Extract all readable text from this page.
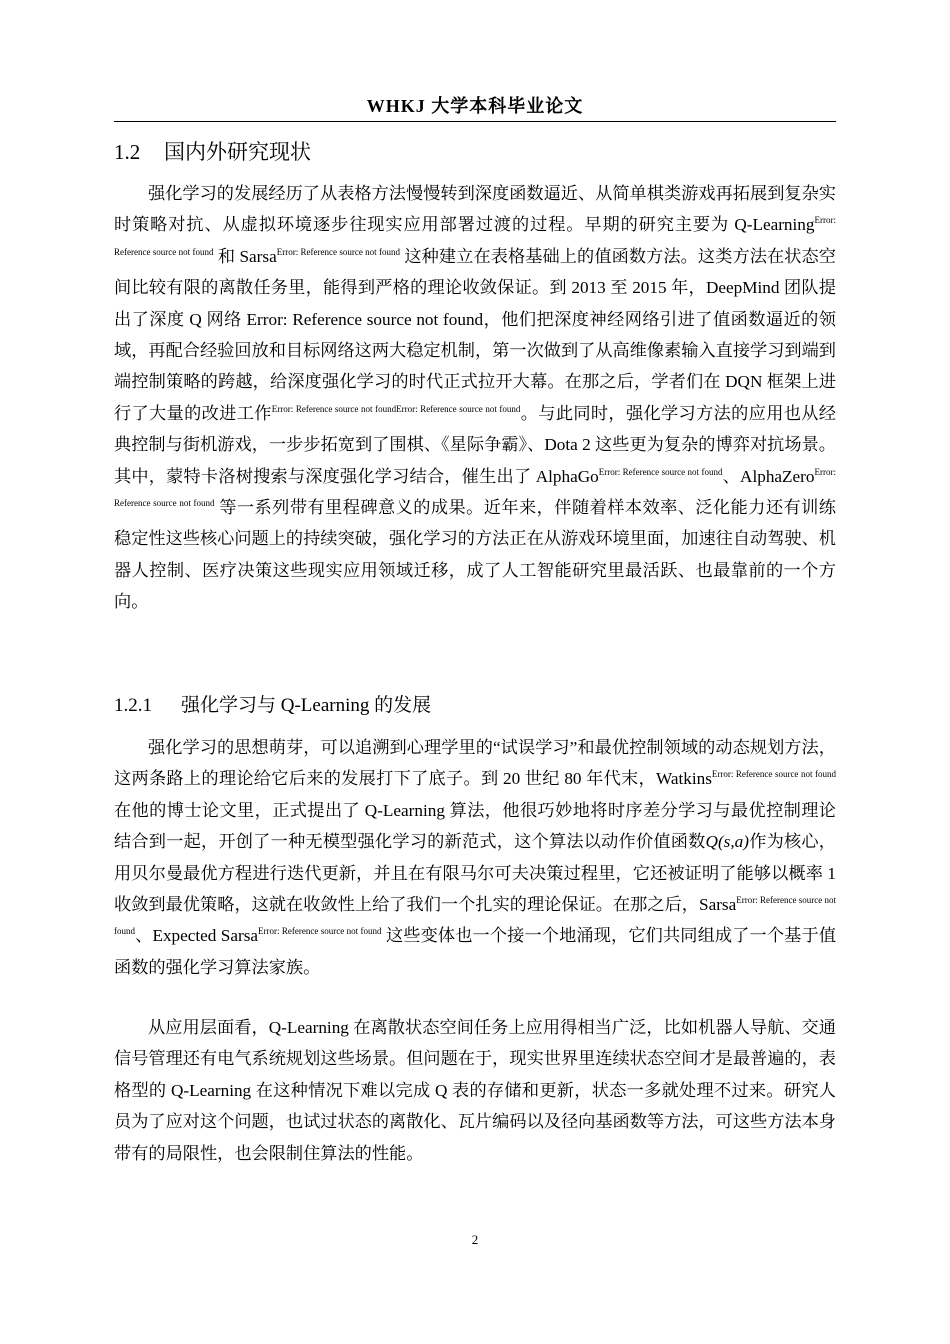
WHKJ 大学本科毕业论文
1.2 国内外研究现状

强化学习的发展经历了从表格方法慢慢转到深度函数逼近、从简单棋类游戏再拓展到复杂实时策略对抗、从虚拟环境逐步往现实应用部署过渡的过程。早期的研究主要为 Q-Learning$^{Error: Reference source not found}$ 和 Sarsa$^{Error: Reference source not found}$ 这种建立在表格基础上的值函数方法。这类方法在状态空间比较有限的离散任务里，能得到严格的理论收敛保证。到 2013 至 2015 年，DeepMind 团队提出了深度 Q 网络 Error: Reference source not found，他们把深度神经网络引进了值函数逼近的领域，再配合经验回放和目标网络这两大稳定机制，第一次做到了从高维像素输入直接学习到端到端控制策略的跨越，给深度强化学习的时代正式拉开大幕。在那之后，学者们在 DQN 框架上进行了大量的改进工作$^{Error: Reference source not foundError: Reference source not found}$。与此同时，强化学习方法的应用也从经典控制与街机游戏，一步步拓宽到了围棋、《星际争霸》、Dota 2 这些更为复杂的博弈对抗场景。其中，蒙特卡洛树搜索与深度强化学习结合，催生出了 AlphaGo$^{Error: Reference source not found}$、AlphaZero$^{Error: Reference source not found}$ 等一系列带有里程碑意义的成果。近年来，伴随着样本效率、泛化能力还有训练稳定性这些核心问题上的持续突破，强化学习的方法正在从游戏环境里面，加速往自动驾驶、机器人控制、医疗决策这些现实应用领域迁移，成了人工智能研究里最活跃、也最靠前的一个方向。

1.2.1 强化学习与 Q-Learning 的发展

强化学习的思想萌芽，可以追溯到心理学里的“试误学习”和最优控制领域的动态规划方法，这两条路上的理论给它后来的发展打下了底子。到 20 世纪 80 年代末，Watkins$^{Error: Reference source not found}$ 在他的博士论文里，正式提出了 Q-Learning 算法，他很巧妙地将时序差分学习与最优控制理论结合到一起，开创了一种无模型强化学习的新范式，这个算法以动作价值函数Q(s,a)作为核心，用贝尔曼最优方程进行迭代更新，并且在有限马尔可夫决策过程里，它还被证明了能够以概率 1 收敛到最优策略，这就在收敛性上给了我们一个扎实的理论保证。在那之后，Sarsa$^{Error: Reference source not found}$、Expected Sarsa$^{Error: Reference source not found}$ 这些变体也一个接一个地涌现，它们共同组成了一个基于值函数的强化学习算法家族。

从应用层面看，Q-Learning 在离散状态空间任务上应用得相当广泛，比如机器人导航、交通信号管理还有电气系统规划这些场景。但问题在于，现实世界里连续状态空间才是最普遍的，表格型的 Q-Learning 在这种情况下难以完成 Q 表的存储和更新，状态一多就处理不过来。研究人员为了应对这个问题，也试过状态的离散化、瓦片编码以及径向基函数等方法，可这些方法本身带有的局限性，也会限制住算法的性能。

2
